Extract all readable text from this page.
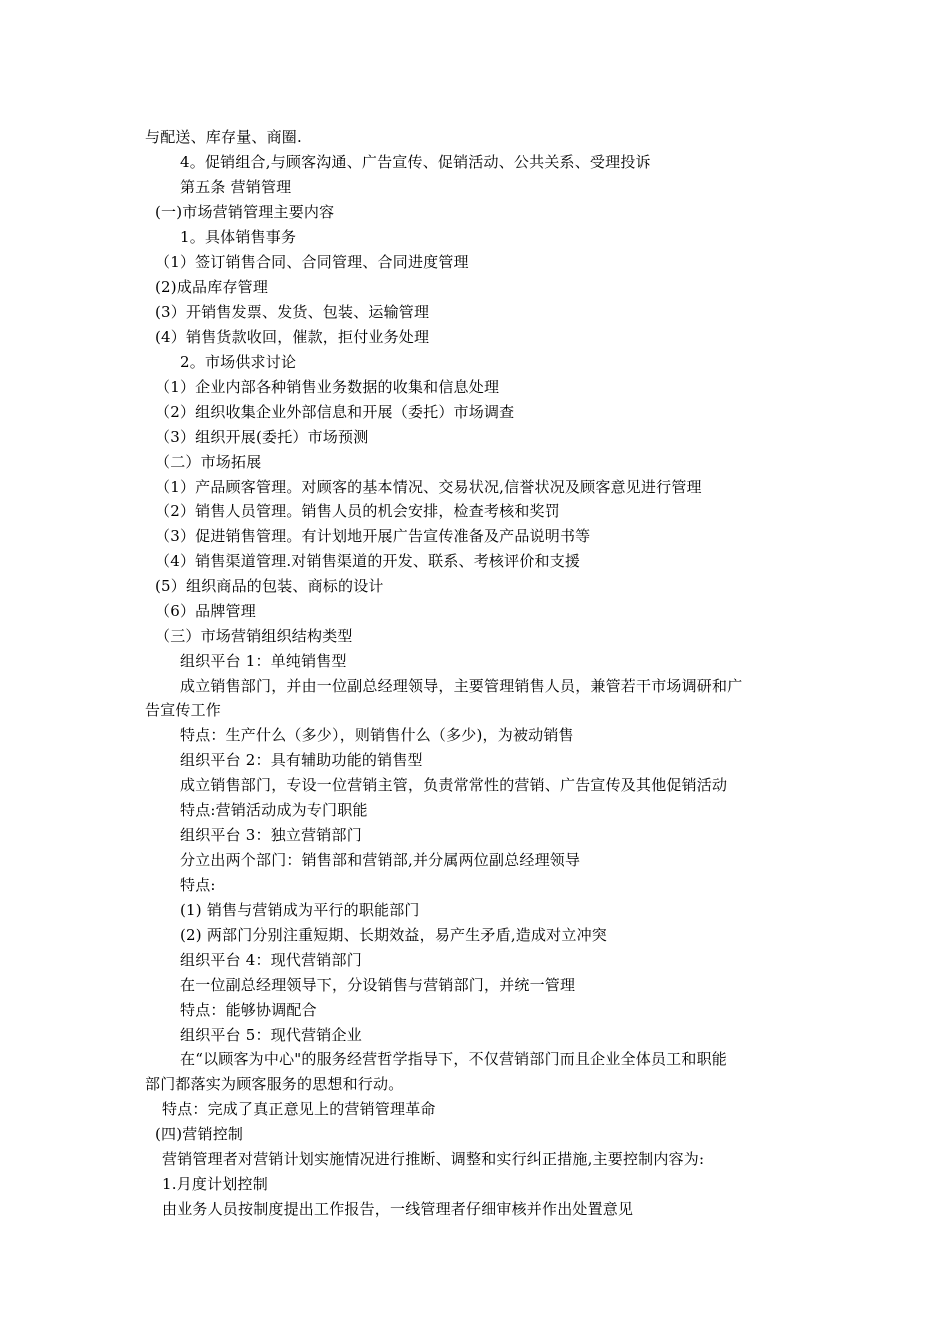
与配送、库存量、商圈.
4。促销组合,与顾客沟通、广告宣传、促销活动、公共关系、受理投诉
第五条 营销管理
(一)市场营销管理主要内容
1。具体销售事务
（1）签订销售合同、合同管理、合同进度管理
(2)成品库存管理
(3）开销售发票、发货、包装、运输管理
(4）销售货款收回，催款，拒付业务处理
2。市场供求讨论
（1）企业内部各种销售业务数据的收集和信息处理
（2）组织收集企业外部信息和开展（委托）市场调查
（3）组织开展(委托）市场预测
（二）市场拓展
（1）产品顾客管理。对顾客的基本情况、交易状况,信誉状况及顾客意见进行管理
（2）销售人员管理。销售人员的机会安排，检查考核和奖罚
（3）促进销售管理。有计划地开展广告宣传准备及产品说明书等
（4）销售渠道管理.对销售渠道的开发、联系、考核评价和支援
(5）组织商品的包装、商标的设计
（6）品牌管理
（三）市场营销组织结构类型
组织平台 1：单纯销售型
成立销售部门，并由一位副总经理领导，主要管理销售人员，兼管若干市场调研和广
告宣传工作
特点：生产什么（多少），则销售什么（多少)，为被动销售
组织平台 2：具有辅助功能的销售型
成立销售部门，专设一位营销主管，负责常常性的营销、广告宣传及其他促销活动
特点:营销活动成为专门职能
组织平台 3：独立营销部门
分立出两个部门：销售部和营销部,并分属两位副总经理领导
特点:
(1) 销售与营销成为平行的职能部门
(2) 两部门分别注重短期、长期效益，易产生矛盾,造成对立冲突
组织平台 4：现代营销部门
在一位副总经理领导下，分设销售与营销部门，并统一管理
特点：能够协调配合
组织平台 5：现代营销企业
在“以顾客为中心"的服务经营哲学指导下，不仅营销部门而且企业全体员工和职能
部门都落实为顾客服务的思想和行动。
特点：完成了真正意见上的营销管理革命
(四)营销控制
营销管理者对营销计划实施情况进行推断、调整和实行纠正措施,主要控制内容为:
1.月度计划控制
由业务人员按制度提出工作报告，一线管理者仔细审核并作出处置意见
